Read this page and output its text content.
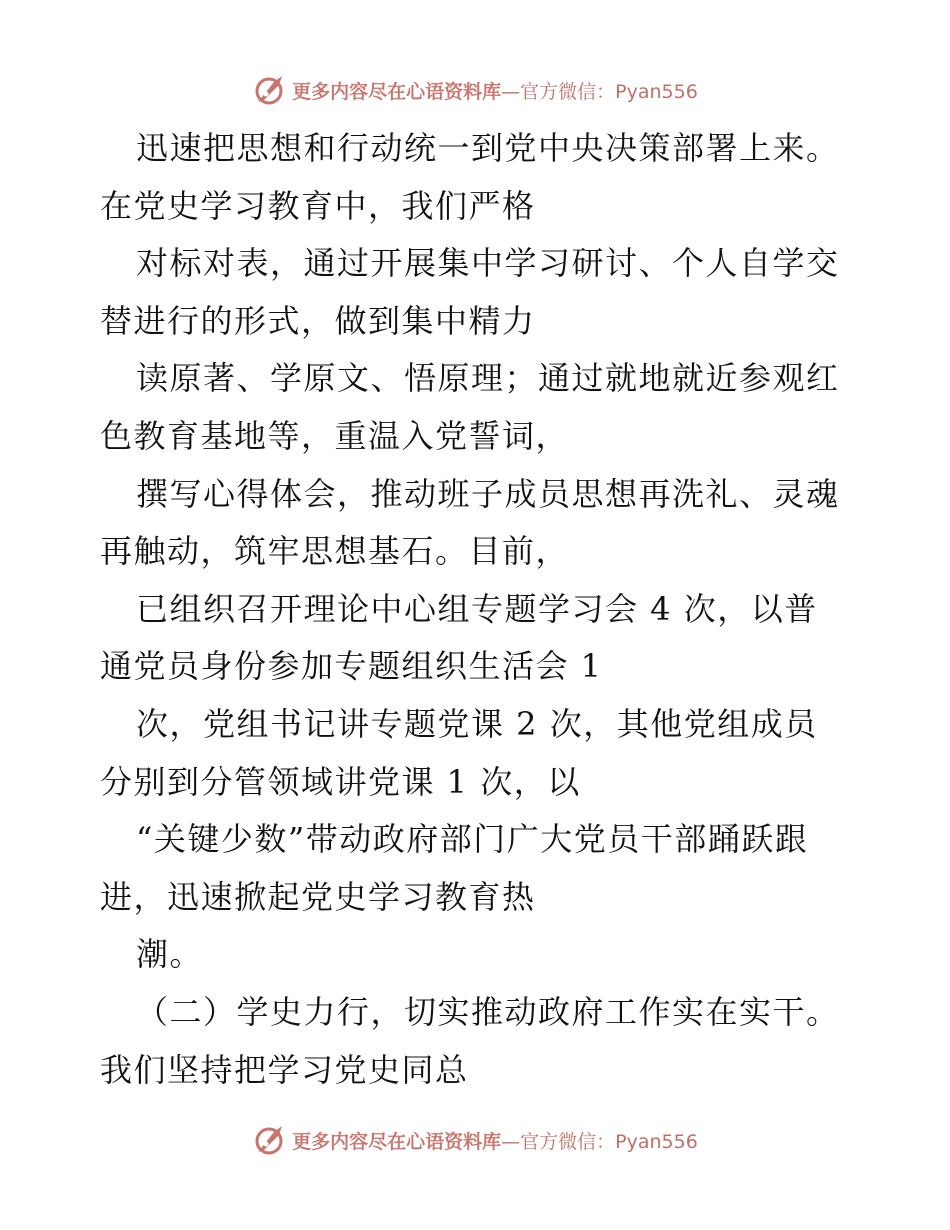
更多内容尽在心语资料库—官方微信：Pyan556
迅速把思想和行动统一到党中央决策部署上来。
在党史学习教育中，我们严格
对标对表，通过开展集中学习研讨、个人自学交
替进行的形式，做到集中精力
读原著、学原文、悟原理；通过就地就近参观红
色教育基地等，重温入党誓词，
撰写心得体会，推动班子成员思想再洗礼、灵魂
再触动，筑牢思想基石。目前，
已组织召开理论中心组专题学习会 4 次，以普
通党员身份参加专题组织生活会 1
次，党组书记讲专题党课 2 次，其他党组成员
分别到分管领域讲党课 1 次，以
“关键少数”带动政府部门广大党员干部踊跃跟
进，迅速掀起党史学习教育热
潮。
（二）学史力行，切实推动政府工作实在实干。
我们坚持把学习党史同总
更多内容尽在心语资料库—官方微信：Pyan556
